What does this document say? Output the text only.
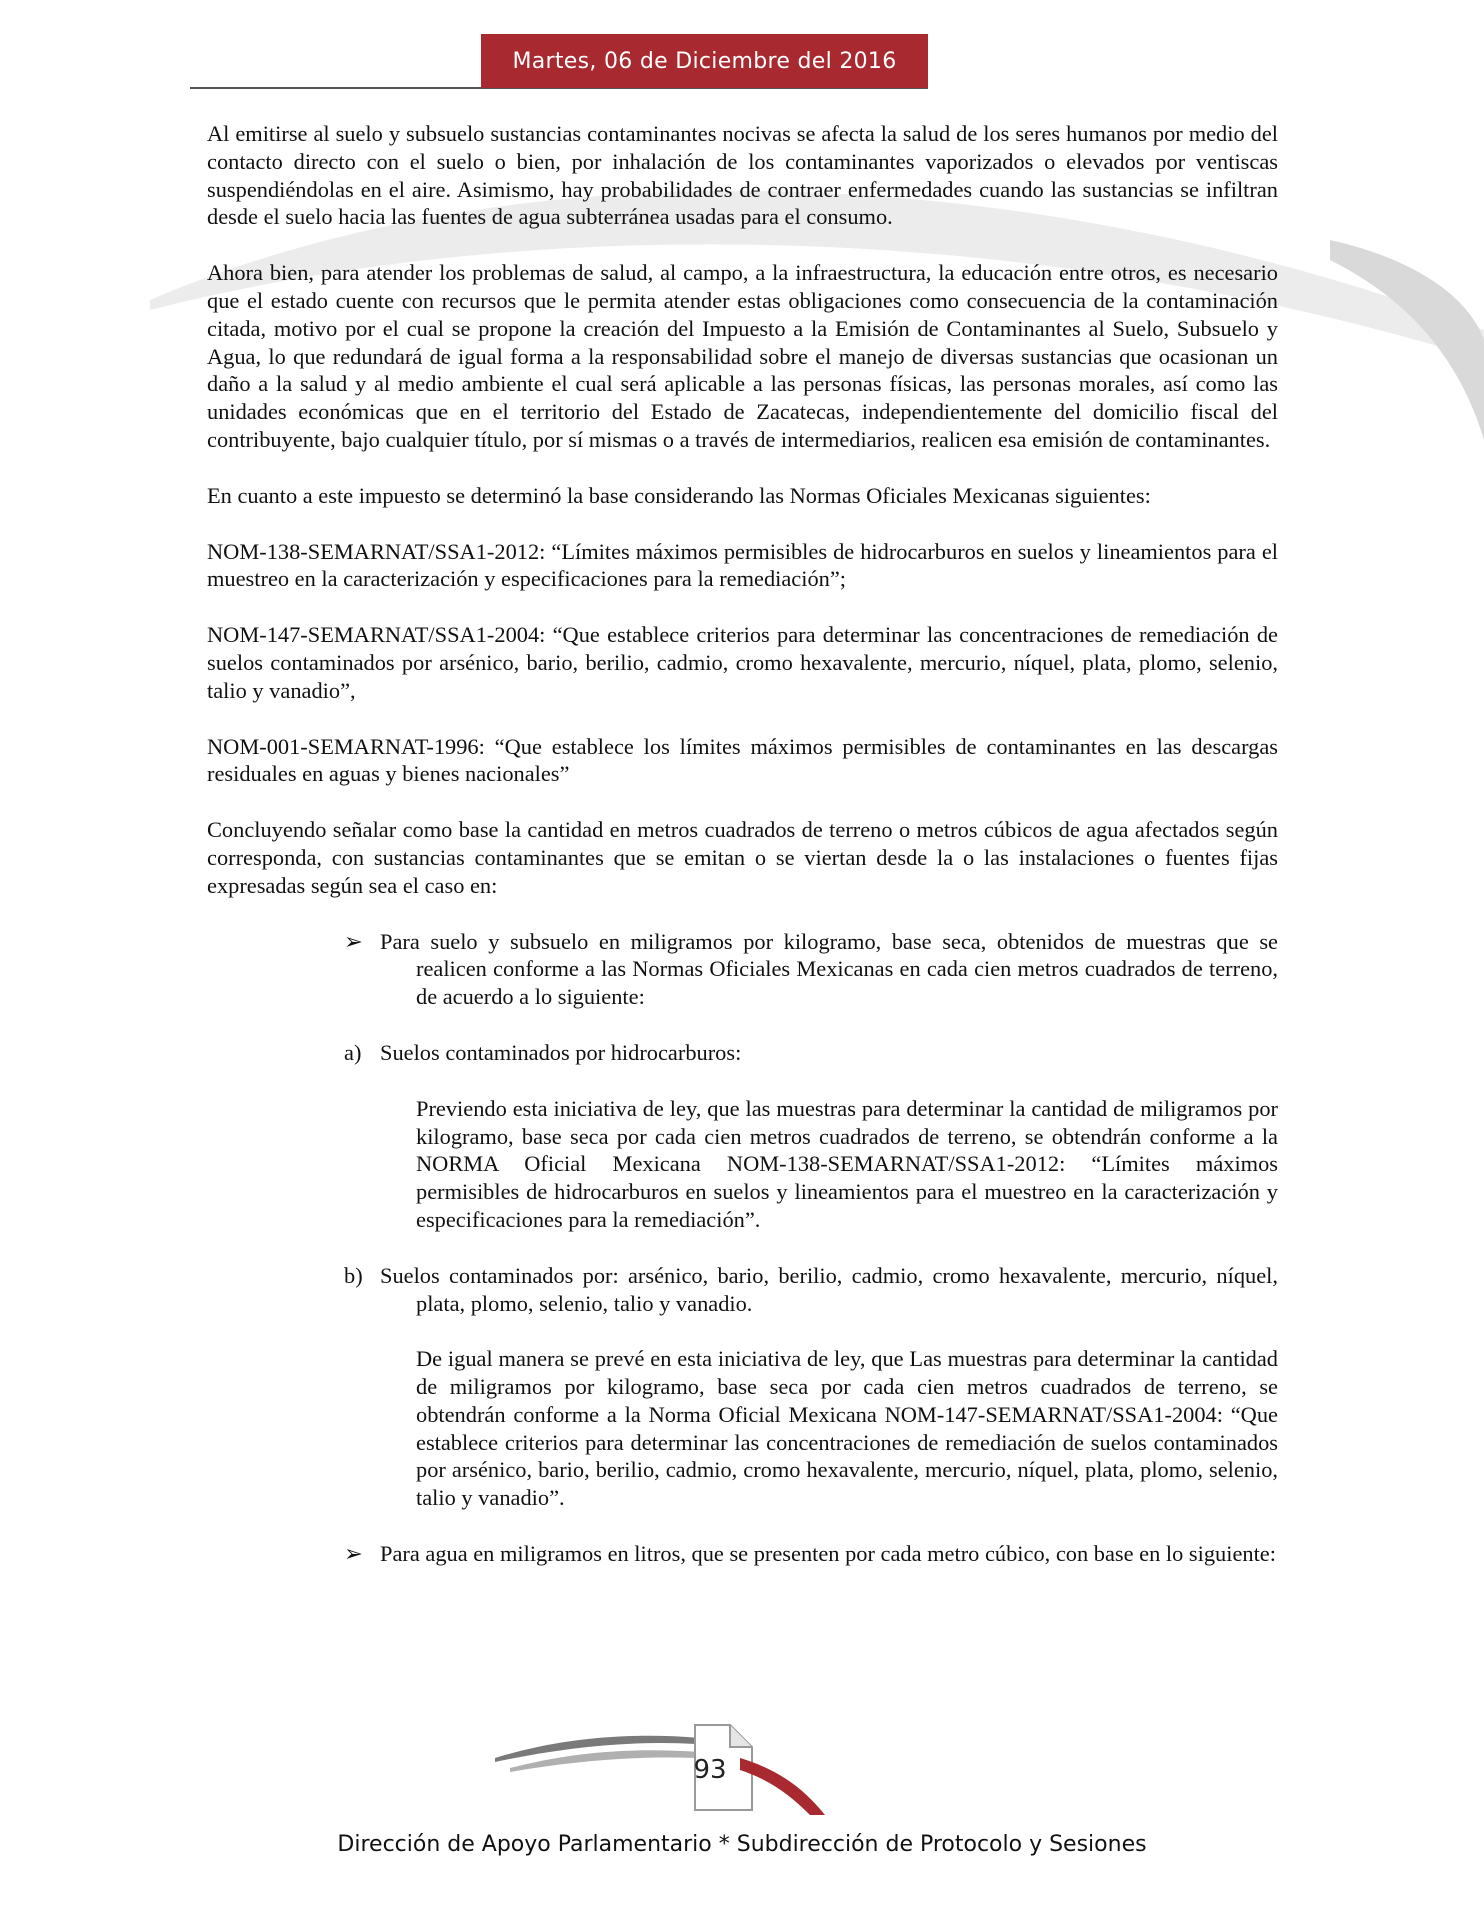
Martes, 06 de Diciembre del 2016

Al emitirse al suelo y subsuelo sustancias contaminantes nocivas se afecta la salud de los seres humanos por medio del contacto directo con el suelo o bien, por inhalación de los contaminantes vaporizados o elevados por ventiscas suspendiéndolas en el aire. Asimismo, hay probabilidades de contraer enfermedades cuando las sustancias se infiltran desde el suelo hacia las fuentes de agua subterránea usadas para el consumo.

Ahora bien, para atender los problemas de salud, al campo, a la infraestructura, la educación entre otros, es necesario que el estado cuente con recursos que le permita atender estas obligaciones como consecuencia de la contaminación citada, motivo por el cual se propone la creación del Impuesto a la Emisión de Contaminantes al Suelo, Subsuelo y Agua, lo que redundará de igual forma a la responsabilidad sobre el manejo de diversas sustancias que ocasionan un daño a la salud y al medio ambiente el cual será aplicable a las personas físicas, las personas morales, así como las unidades económicas que en el territorio del Estado de Zacatecas, independientemente del domicilio fiscal del contribuyente, bajo cualquier título, por sí mismas o a través de intermediarios, realicen esa emisión de contaminantes.

En cuanto a este impuesto se determinó la base considerando las Normas Oficiales Mexicanas siguientes:

NOM-138-SEMARNAT/SSA1-2012: “Límites máximos permisibles de hidrocarburos en suelos y lineamientos para el muestreo en la caracterización y especificaciones para la remediación”;

NOM-147-SEMARNAT/SSA1-2004: “Que establece criterios para determinar las concentraciones de remediación de suelos contaminados por arsénico, bario, berilio, cadmio, cromo hexavalente, mercurio, níquel, plata, plomo, selenio, talio y vanadio”,

NOM-001-SEMARNAT-1996: “Que establece los límites máximos permisibles de contaminantes en las descargas residuales en aguas y bienes nacionales”

Concluyendo señalar como base la cantidad en metros cuadrados de terreno o metros cúbicos de agua afectados según corresponda, con sustancias contaminantes que se emitan o se viertan desde la o las instalaciones o fuentes fijas expresadas según sea el caso en:

➢ Para suelo y subsuelo en miligramos por kilogramo, base seca, obtenidos de muestras que se realicen conforme a las Normas Oficiales Mexicanas en cada cien metros cuadrados de terreno, de acuerdo a lo siguiente:
a) Suelos contaminados por hidrocarburos:

Previendo esta iniciativa de ley, que las muestras para determinar la cantidad de miligramos por kilogramo, base seca por cada cien metros cuadrados de terreno, se obtendrán conforme a la NORMA Oficial Mexicana NOM-138-SEMARNAT/SSA1-2012: “Límites máximos permisibles de hidrocarburos en suelos y lineamientos para el muestreo en la caracterización y especificaciones para la remediación”.

b) Suelos contaminados por: arsénico, bario, berilio, cadmio, cromo hexavalente, mercurio, níquel, plata, plomo, selenio, talio y vanadio.

De igual manera se prevé en esta iniciativa de ley, que Las muestras para determinar la cantidad de miligramos por kilogramo, base seca por cada cien metros cuadrados de terreno, se obtendrán conforme a la Norma Oficial Mexicana NOM-147-SEMARNAT/SSA1-2004: “Que establece criterios para determinar las concentraciones de remediación de suelos contaminados por arsénico, bario, berilio, cadmio, cromo hexavalente, mercurio, níquel, plata, plomo, selenio, talio y vanadio”.

➢ Para agua en miligramos en litros, que se presenten por cada metro cúbico, con base en lo siguiente:
93
Dirección de Apoyo Parlamentario * Subdirección de Protocolo y Sesiones
